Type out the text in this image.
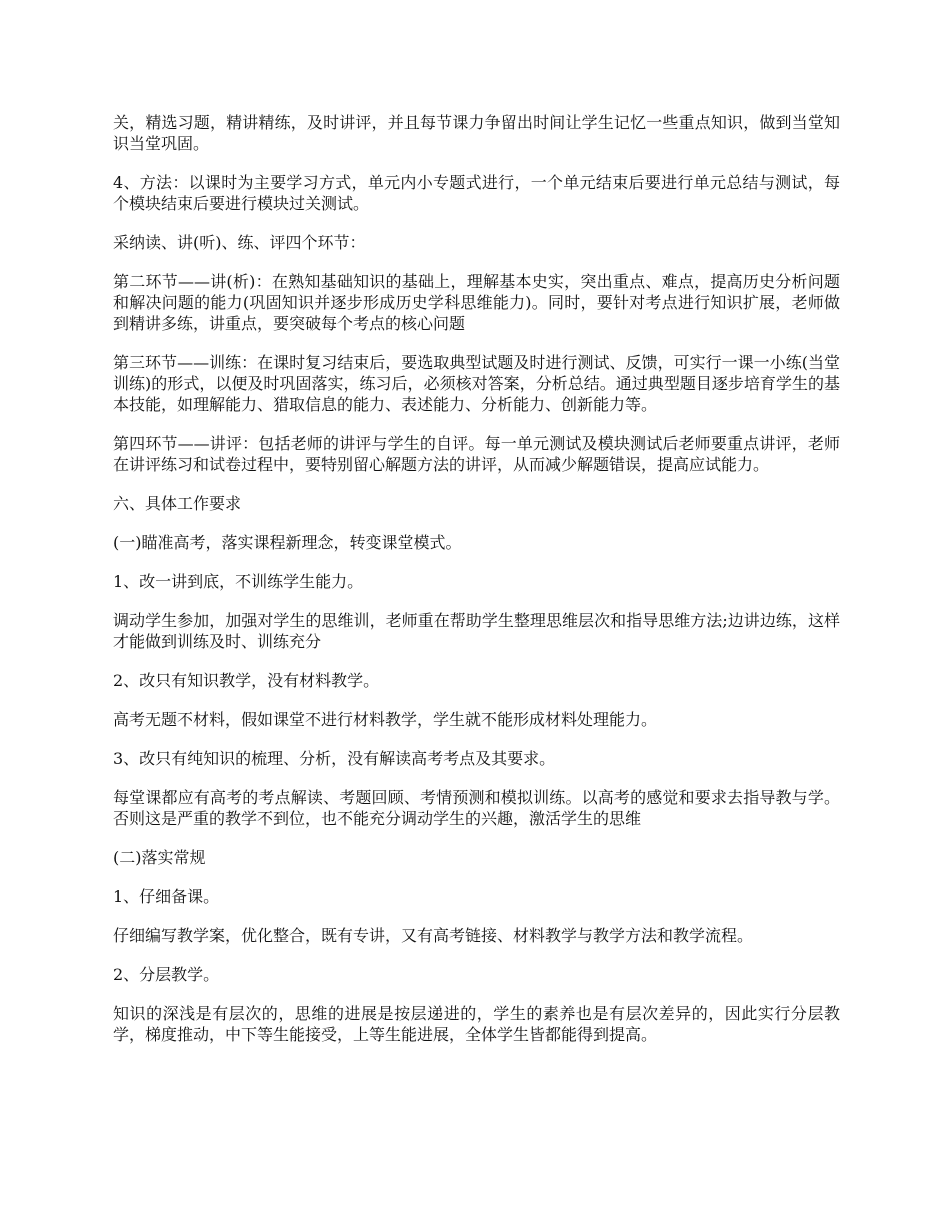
关，精选习题，精讲精练，及时讲评，并且每节课力争留出时间让学生记忆一些重点知识，做到当堂知识当堂巩固。

4、方法：以课时为主要学习方式，单元内小专题式进行，一个单元结束后要进行单元总结与测试，每个模块结束后要进行模块过关测试。

采纳读、讲(听)、练、评四个环节：

第二环节——讲(析)：在熟知基础知识的基础上，理解基本史实，突出重点、难点，提高历史分析问题和解决问题的能力(巩固知识并逐步形成历史学科思维能力)。同时，要针对考点进行知识扩展，老师做到精讲多练，讲重点，要突破每个考点的核心问题

第三环节——训练：在课时复习结束后，要选取典型试题及时进行测试、反馈，可实行一课一小练(当堂训练)的形式，以便及时巩固落实，练习后，必须核对答案，分析总结。通过典型题目逐步培育学生的基本技能，如理解能力、猎取信息的能力、表述能力、分析能力、创新能力等。

第四环节——讲评：包括老师的讲评与学生的自评。每一单元测试及模块测试后老师要重点讲评，老师在讲评练习和试卷过程中，要特别留心解题方法的讲评，从而减少解题错误，提高应试能力。

六、具体工作要求

(一)瞄准高考，落实课程新理念，转变课堂模式。

1、改一讲到底，不训练学生能力。

调动学生参加，加强对学生的思维训，老师重在帮助学生整理思维层次和指导思维方法;边讲边练，这样才能做到训练及时、训练充分

2、改只有知识教学，没有材料教学。

高考无题不材料，假如课堂不进行材料教学，学生就不能形成材料处理能力。

3、改只有纯知识的梳理、分析，没有解读高考考点及其要求。

每堂课都应有高考的考点解读、考题回顾、考情预测和模拟训练。以高考的感觉和要求去指导教与学。否则这是严重的教学不到位，也不能充分调动学生的兴趣，激活学生的思维

(二)落实常规

1、仔细备课。

仔细编写教学案，优化整合，既有专讲，又有高考链接、材料教学与教学方法和教学流程。

2、分层教学。

知识的深浅是有层次的，思维的进展是按层递进的，学生的素养也是有层次差异的，因此实行分层教学，梯度推动，中下等生能接受，上等生能进展，全体学生皆都能得到提高。
